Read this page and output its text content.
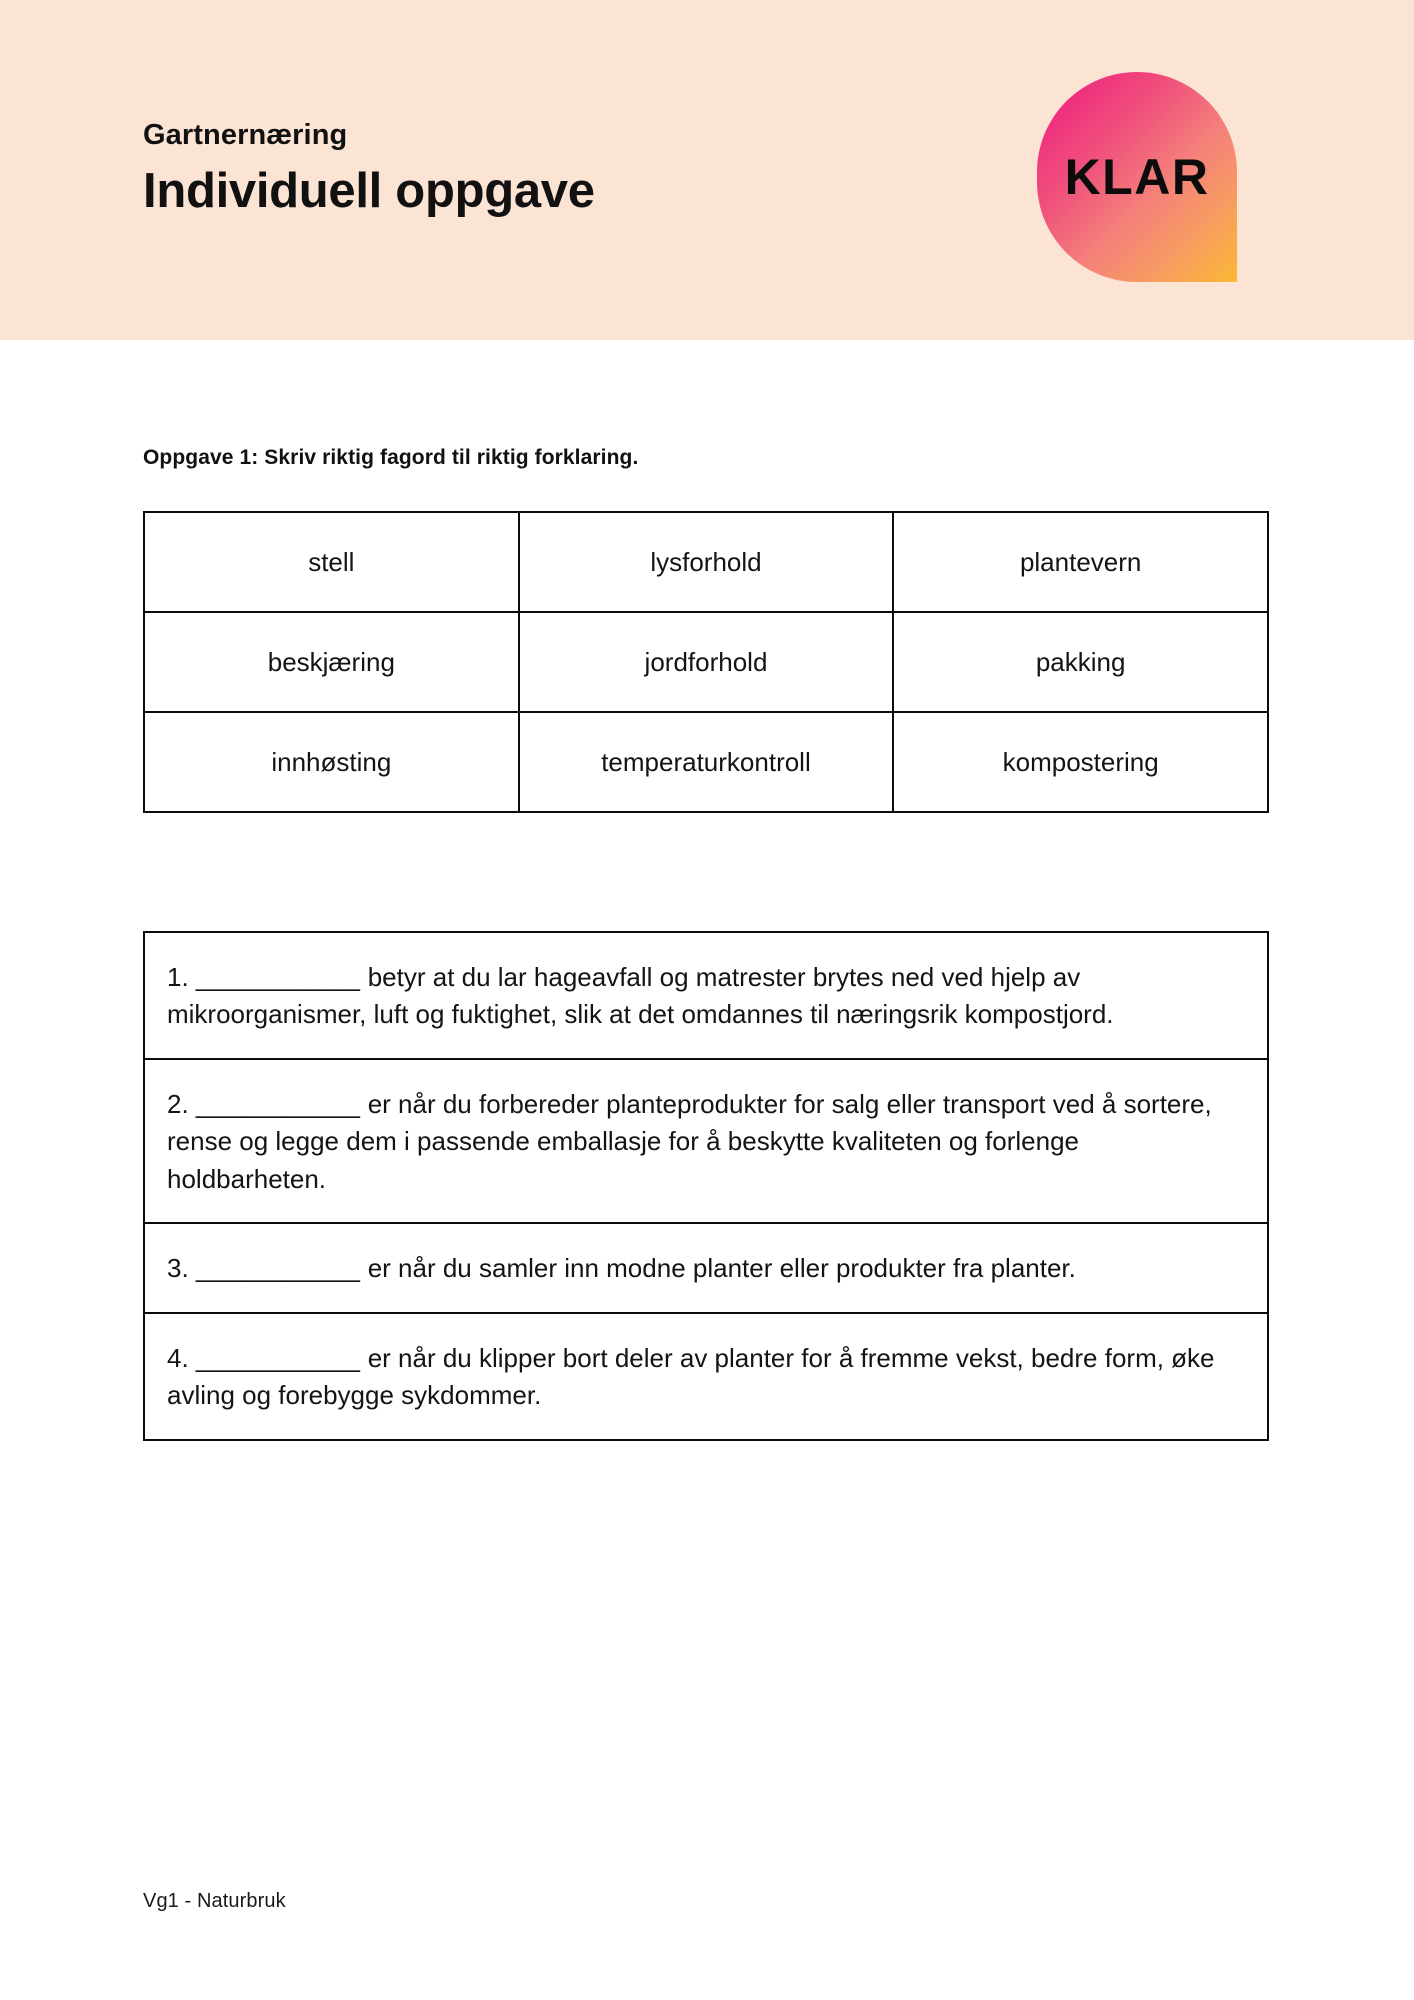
Gartnernæring
Individuell oppgave	KLAR

Oppgave 1: Skriv riktig fagord til riktig forklaring.

stell	lysforhold	plantevern
beskjæring	jordforhold	pakking
innhøsting	temperaturkontroll	kompostering
1. ___________ betyr at du lar hageavfall og matrester brytes ned ved hjelp av mikroorganismer, luft og fuktighet, slik at det omdannes til næringsrik kompostjord.
2. ___________ er når du forbereder planteprodukter for salg eller transport ved å sortere, rense og legge dem i passende emballasje for å beskytte kvaliteten og forlenge holdbarheten.
3. ___________ er når du samler inn modne planter eller produkter fra planter.
4. ___________ er når du klipper bort deler av planter for å fremme vekst, bedre form, øke avling og forebygge sykdommer.
Vg1 - Naturbruk
